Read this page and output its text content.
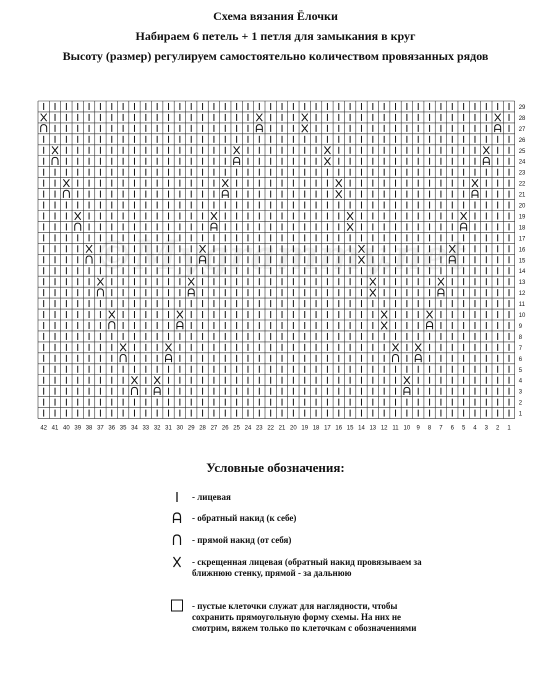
Схема вязания Ёлочки
Набираем 6 петель + 1 петля для замыкания в круг
Высоту (размер) регулируем самостоятельно количеством провязанных рядов
29
28
27
26
25
24
23
22
21
20
19
18
17
16
15
14
13
12
11
10
9
8
7
6
5
4
3
2
1
42 41 40 39 38 37 36 35 34 33 32 31 30 29 28 27 26 25 24 23 22 21 20 19 18 17 16 15 14 13 12 11 10 9 8 7 6 5 4 3 2 1
©Mygrammy.net
Условные обозначения:
- лицевая
- обратный накид (к себе)
- прямой накид (от себя)
- скрещенная лицевая (обратный накид провязываем за ближнюю стенку, прямой - за дальнюю
- пустые клеточки служат для наглядности, чтобы сохранить прямоугольную форму схемы. На них не смотрим, вяжем только по клеточкам с обозначениями
